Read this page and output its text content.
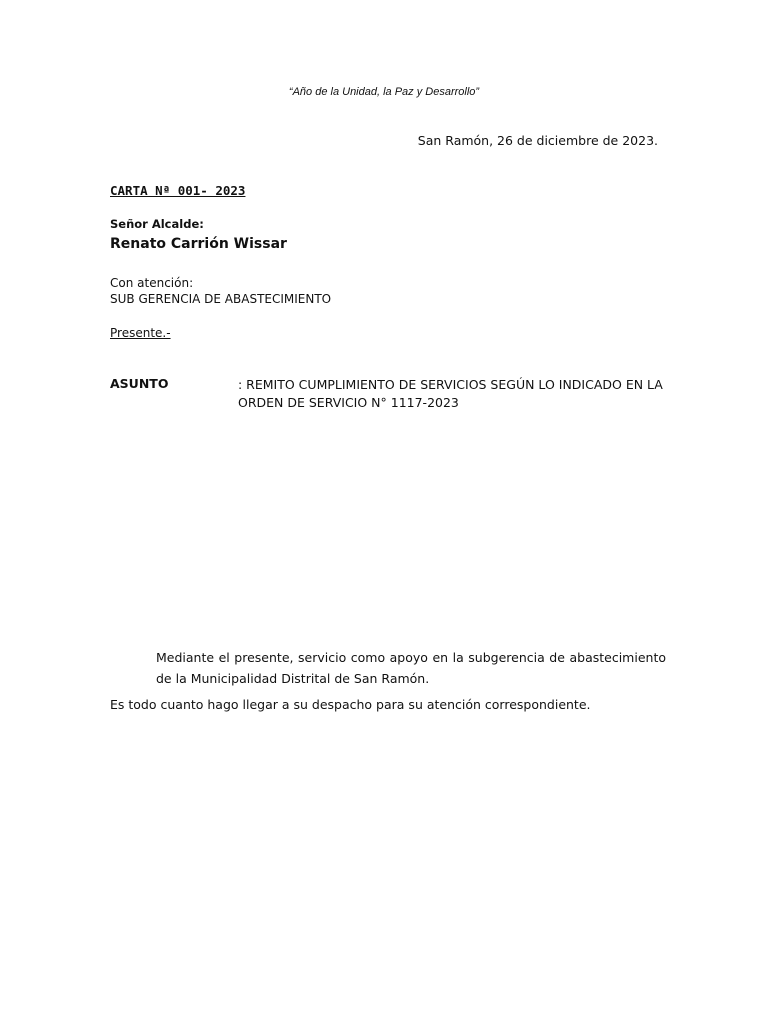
“Año de la Unidad, la Paz y Desarrollo”
San Ramón, 26 de diciembre de 2023.
CARTA Nª 001- 2023
Señor Alcalde:
Renato Carrión Wissar
Con atención:
SUB GERENCIA DE ABASTECIMIENTO
Presente.-
ASUNTO	: REMITO CUMPLIMIENTO DE SERVICIOS SEGÚN LO INDICADO EN LA ORDEN DE SERVICIO N° 1117-2023
Mediante el presente, servicio como apoyo en la subgerencia de abastecimiento de la Municipalidad Distrital de San Ramón.
Es todo cuanto hago llegar a su despacho para su atención correspondiente.
